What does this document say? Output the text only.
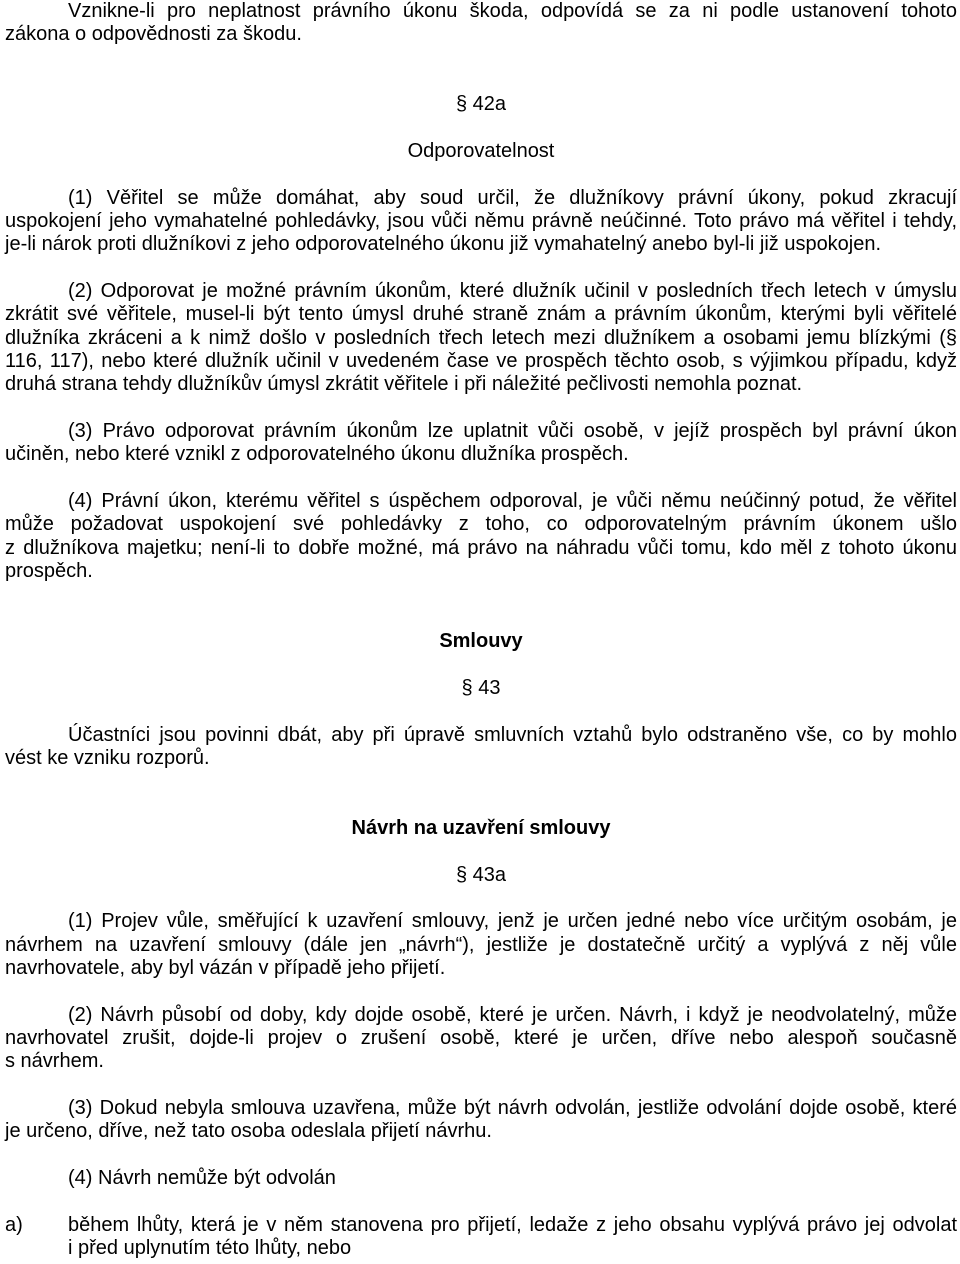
Vznikne-li pro neplatnost právního úkonu škoda, odpovídá se za ni podle ustanovení tohoto
zákona o odpovědnosti za škodu.
§ 42a
Odporovatelnost
(1) Věřitel se může domáhat, aby soud určil, že dlužníkovy právní úkony, pokud zkracují
uspokojení jeho vymahatelné pohledávky, jsou vůči němu právně neúčinné. Toto právo má věřitel i tehdy,
je-li nárok proti dlužníkovi z jeho odporovatelného úkonu již vymahatelný anebo byl-li již uspokojen.
(2) Odporovat je možné právním úkonům, které dlužník učinil v posledních třech letech v úmyslu
zkrátit své věřitele, musel-li být tento úmysl druhé straně znám a právním úkonům, kterými byli věřitelé
dlužníka zkráceni a k nimž došlo v posledních třech letech mezi dlužníkem a osobami jemu blízkými (§
116, 117), nebo které dlužník učinil v uvedeném čase ve prospěch těchto osob, s výjimkou případu, když
druhá strana tehdy dlužníkův úmysl zkrátit věřitele i při náležité pečlivosti nemohla poznat.
(3) Právo odporovat právním úkonům lze uplatnit vůči osobě, v jejíž prospěch byl právní úkon
učiněn, nebo které vznikl z odporovatelného úkonu dlužníka prospěch.
(4) Právní úkon, kterému věřitel s úspěchem odporoval, je vůči němu neúčinný potud, že věřitel
může požadovat uspokojení své pohledávky z toho, co odporovatelným právním úkonem ušlo
z dlužníkova majetku; není-li to dobře možné, má právo na náhradu vůči tomu, kdo měl z tohoto úkonu
prospěch.
Smlouvy
§ 43
Účastníci jsou povinni dbát, aby při úpravě smluvních vztahů bylo odstraněno vše, co by mohlo
vést ke vzniku rozporů.
Návrh na uzavření smlouvy
§ 43a
(1) Projev vůle, směřující k uzavření smlouvy, jenž je určen jedné nebo více určitým osobám, je
návrhem na uzavření smlouvy (dále jen „návrh“), jestliže je dostatečně určitý a vyplývá z něj vůle
navrhovatele, aby byl vázán v případě jeho přijetí.
(2) Návrh působí od doby, kdy dojde osobě, které je určen. Návrh, i když je neodvolatelný, může
navrhovatel zrušit, dojde-li projev o zrušení osobě, které je určen, dříve nebo alespoň současně
s návrhem.
(3) Dokud nebyla smlouva uzavřena, může být návrh odvolán, jestliže odvolání dojde osobě, které
je určeno, dříve, než tato osoba odeslala přijetí návrhu.
(4) Návrh nemůže být odvolán
a)	během lhůty, která je v něm stanovena pro přijetí, ledaže z jeho obsahu vyplývá právo jej odvolat
i před uplynutím této lhůty, nebo
